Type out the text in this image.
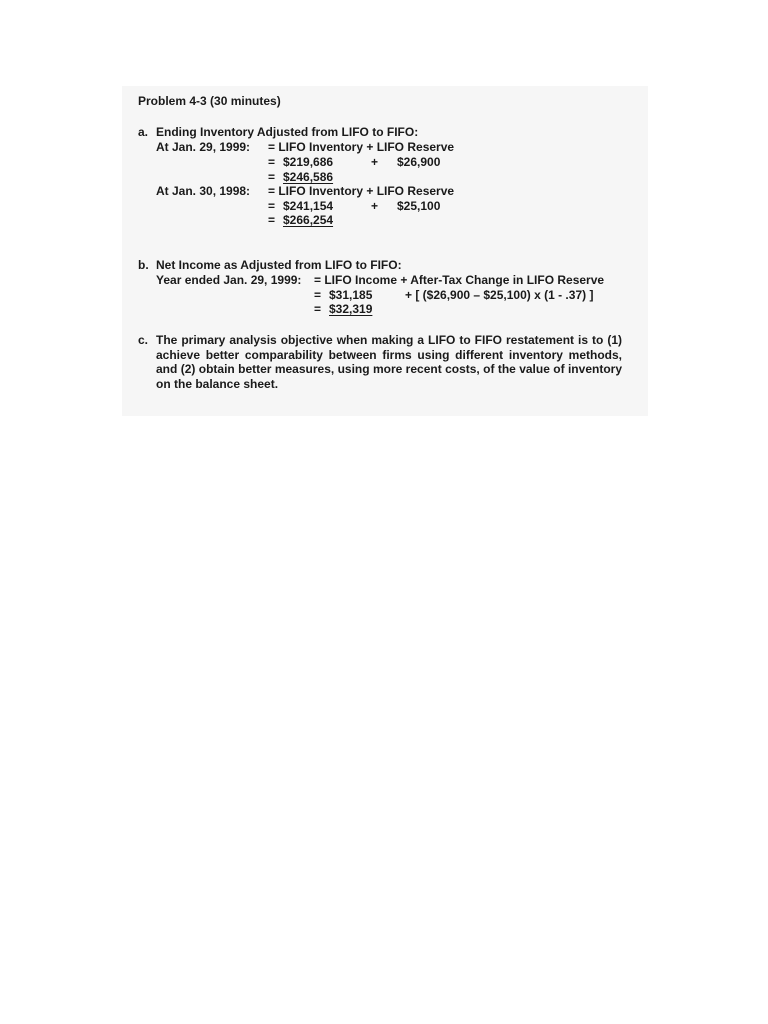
Problem 4-3 (30 minutes)
a. Ending Inventory Adjusted from LIFO to FIFO:
At Jan. 29, 1999: = LIFO Inventory + LIFO Reserve
= $219,686	+ $26,900
= $246,586
At Jan. 30, 1998: = LIFO Inventory + LIFO Reserve
= $241,154	+ $25,100
= $266,254
b. Net Income as Adjusted from LIFO to FIFO:
Year ended Jan. 29, 1999: = LIFO Income + After-Tax Change in LIFO Reserve
= $31,185	+ [ ($26,900 – $25,100) x (1 - .37) ]
= $32,319
c. The primary analysis objective when making a LIFO to FIFO restatement is to (1) achieve better comparability between firms using different inventory methods, and (2) obtain better measures, using more recent costs, of the value of inventory on the balance sheet.
